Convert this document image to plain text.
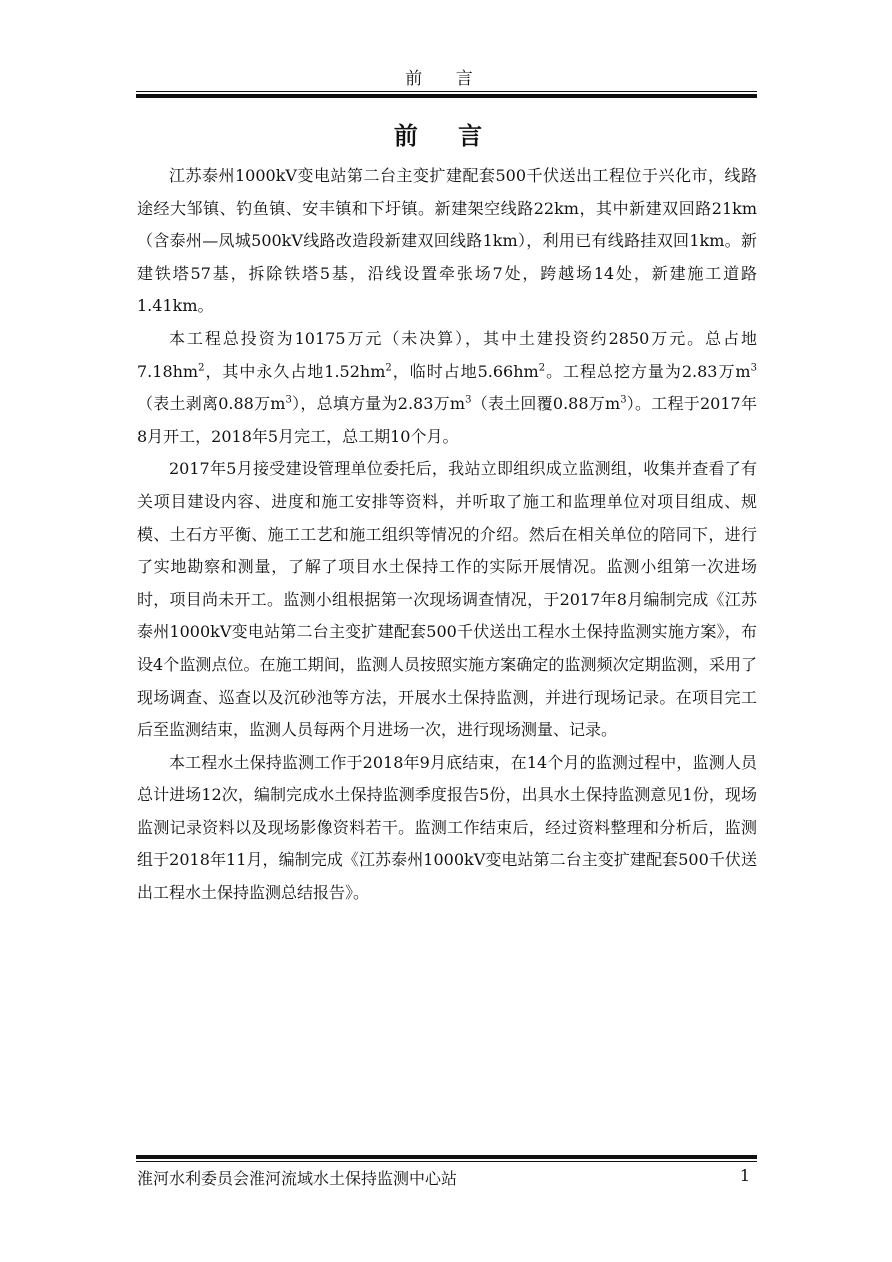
前 言
前 言

江苏泰州1000kV变电站第二台主变扩建配套500千伏送出工程位于兴化市，线路途经大邹镇、钓鱼镇、安丰镇和下圩镇。新建架空线路22km，其中新建双回路21km（含泰州—凤城500kV线路改造段新建双回线路1km），利用已有线路挂双回1km。新建铁塔57基，拆除铁塔5基，沿线设置牵张场7处，跨越场14处，新建施工道路1.41km。

本工程总投资为10175万元（未决算），其中土建投资约2850万元。总占地$7.18hm^2$，其中永久占地$1.52hm^2$，临时占地$5.66hm^2$。工程总挖方量为2.83万$m^3$（表土剥离0.88万$m^3$），总填方量为2.83万$m^3$（表土回覆0.88万$m^3$）。工程于2017年8月开工，2018年5月完工，总工期10个月。

2017年5月接受建设管理单位委托后，我站立即组织成立监测组，收集并查看了有关项目建设内容、进度和施工安排等资料，并听取了施工和监理单位对项目组成、规模、土石方平衡、施工工艺和施工组织等情况的介绍。然后在相关单位的陪同下，进行了实地勘察和测量，了解了项目水土保持工作的实际开展情况。监测小组第一次进场时，项目尚未开工。监测小组根据第一次现场调查情况，于2017年8月编制完成《江苏泰州1000kV变电站第二台主变扩建配套500千伏送出工程水土保持监测实施方案》，布设4个监测点位。在施工期间，监测人员按照实施方案确定的监测频次定期监测，采用了现场调查、巡查以及沉砂池等方法，开展水土保持监测，并进行现场记录。在项目完工后至监测结束，监测人员每两个月进场一次，进行现场测量、记录。

本工程水土保持监测工作于2018年9月底结束，在14个月的监测过程中，监测人员总计进场12次，编制完成水土保持监测季度报告5份，出具水土保持监测意见1份，现场监测记录资料以及现场影像资料若干。监测工作结束后，经过资料整理和分析后，监测组于2018年11月，编制完成《江苏泰州1000kV变电站第二台主变扩建配套500千伏送出工程水土保持监测总结报告》。

淮河水利委员会淮河流域水土保持监测中心站	1
